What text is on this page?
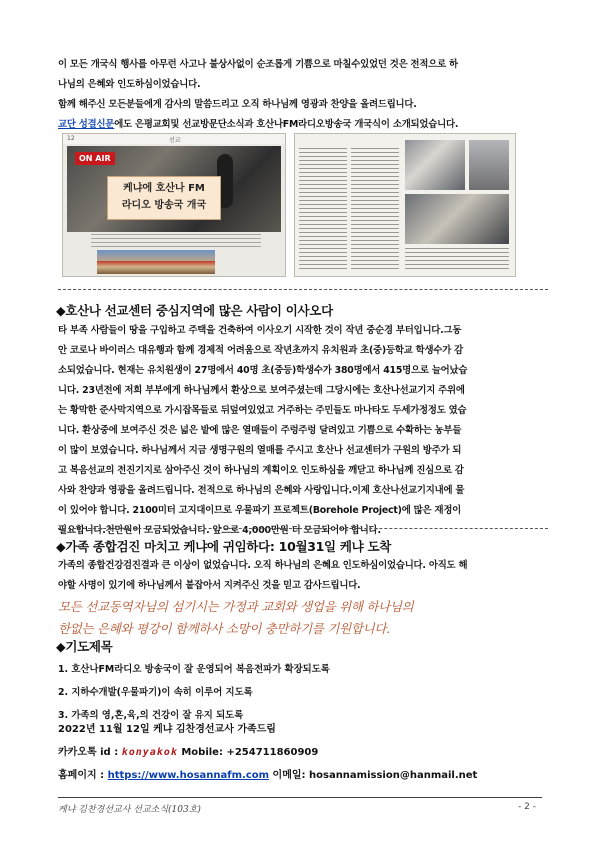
이 모든 개국식 행사를 아무런 사고나 불상사없이 순조롭게 기쁨으로 마칠수있었던 것은 전적으로 하
나님의 은혜와 인도하심이었습니다.
함께 해주신 모든분들에게 감사의 말씀드리고 오직 하나님께 영광과 찬양을 올려드립니다.
교단 성결신문에도 은평교회및 선교방문단소식과 호산나FM라디오방송국 개국식이 소개되었습니다.
12	선교
ON AIR
케냐에 호산나 FM
라디오 방송국 개국
◆호산나 선교센터 중심지역에 많은 사람이 이사오다
타 부족 사람들이 땅을 구입하고 주택을 건축하여 이사오기 시작한 것이 작년 중순경 부터입니다.그동
안 코로나 바이러스 대유행과 함께 경제적 어려움으로 작년초까지 유치원과 초(중)등학교 학생수가 감
소되었습니다. 현재는 유치원생이 27명에서 40명 초(중등)학생수가 380명에서 415명으로 늘어났습
니다. 23년전에 저희 부부에게 하나님께서 환상으로 보여주셨는데 그당시에는 호산나선교기지 주위에
는 황막한 준사막지역으로 가시잡목들로 뒤덮여있었고 거주하는 주민들도 마나타도 두세가정정도 였습
니다. 환상중에 보여주신 것은 넓은 밭에 많은 열매들이 주렁주렁 달려있고 기쁨으로 수확하는 농부들
이 많이 보였습니다. 하나님께서 지금 생명구원의 열매를 주시고 호산나 선교센터가 구원의 방주가 되
고 복음선교의 전진기지로 삼아주신 것이 하나님의 계획이오 인도하심을 깨닫고 하나님께 진심으로 감
사와 찬양과 영광을 올려드립니다. 전적으로 하나님의 은혜와 사랑입니다.이제 호산나선교기지내에 물
이 있어야 합니다. 2100미터 고지대이므로 우물파기 프로젝트(Borehole Project)에 많은 재정이
필요합니다.천만원이 모금되었습니다. 앞으로 4,000만원 더 모금되어야 합니다.
◆가족 종합검진 마치고 케냐에 귀임하다: 10월31일 케냐 도착
가족의 종합건강검진결과 큰 이상이 없었습니다. 오직 하나님의 은혜요 인도하심이었습니다. 아직도 해
야할 사명이 있기에 하나님께서 붙잡아서 지켜주신 것을 믿고 감사드립니다.
모든 선교동역자님의 섬기시는 가정과 교회와 생업을 위해 하나님의
한없는 은혜와 평강이 함께하사 소망이 충만하기를 기원합니다.
◆기도제목
1. 호산나FM라디오 방송국이 잘 운영되어 복음전파가 확장되도록
2. 지하수개발(우물파기)이 속히 이루어 지도록
3. 가족의 영,혼,육,의 건강이 잘 유지 되도록
2022년 11월 12일 케냐 김찬경선교사 가족드림
카카오톡 id : konyakok Mobile: +254711860909
홈페이지 : https://www.hosannafm.com 이메일: hosannamission@hanmail.net
케냐 김찬경선교사 선교소식(103호)	- 2 -
